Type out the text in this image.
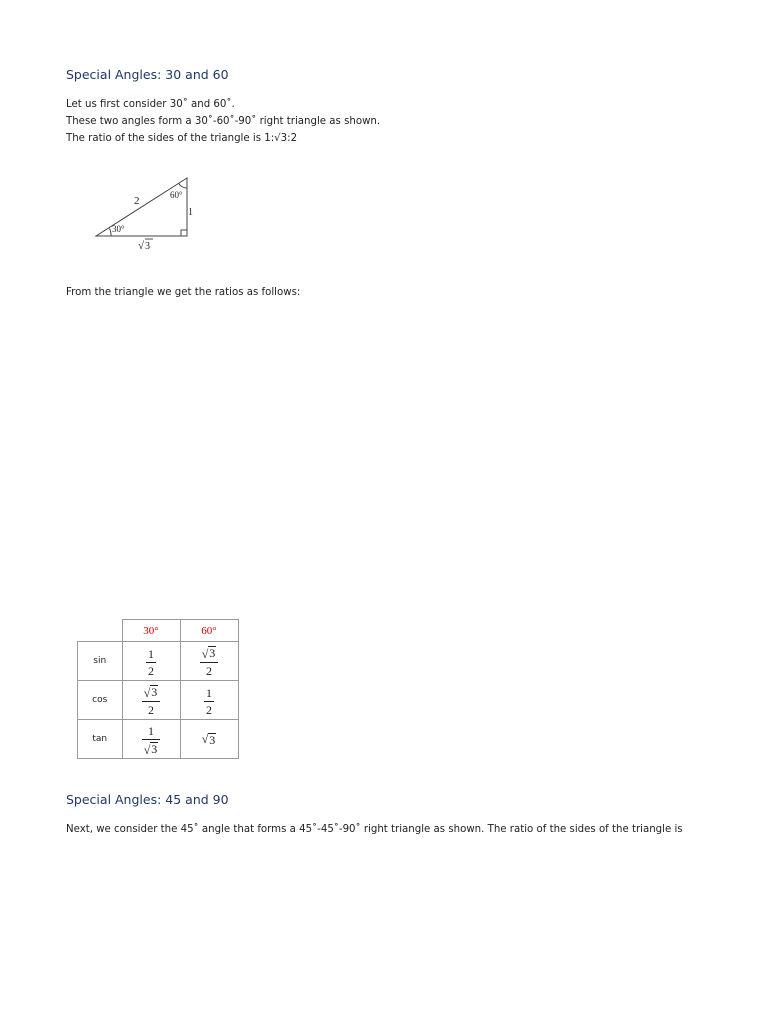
Special Angles: 30 and 60

Let us first consider 30˚ and 60˚.
These two angles form a 30˚-60˚-90˚ right triangle as shown.
The ratio of the sides of the triangle is 1:√3:2

2
1
30°
60°
√ 3

From the triangle we get the ratios as follows:

	30°	60°
sin	$\frac{1}{2}$	$\frac{√ 3}{2}$

cos	$\frac{√ 3}{2}$	$\frac{1}{2}$

tan	$\frac{1}{√ 3}$	√ 3
Special Angles: 45 and 90

Next, we consider the 45˚ angle that forms a 45˚-45˚-90˚ right triangle as shown. The ratio of the sides of the triangle is
